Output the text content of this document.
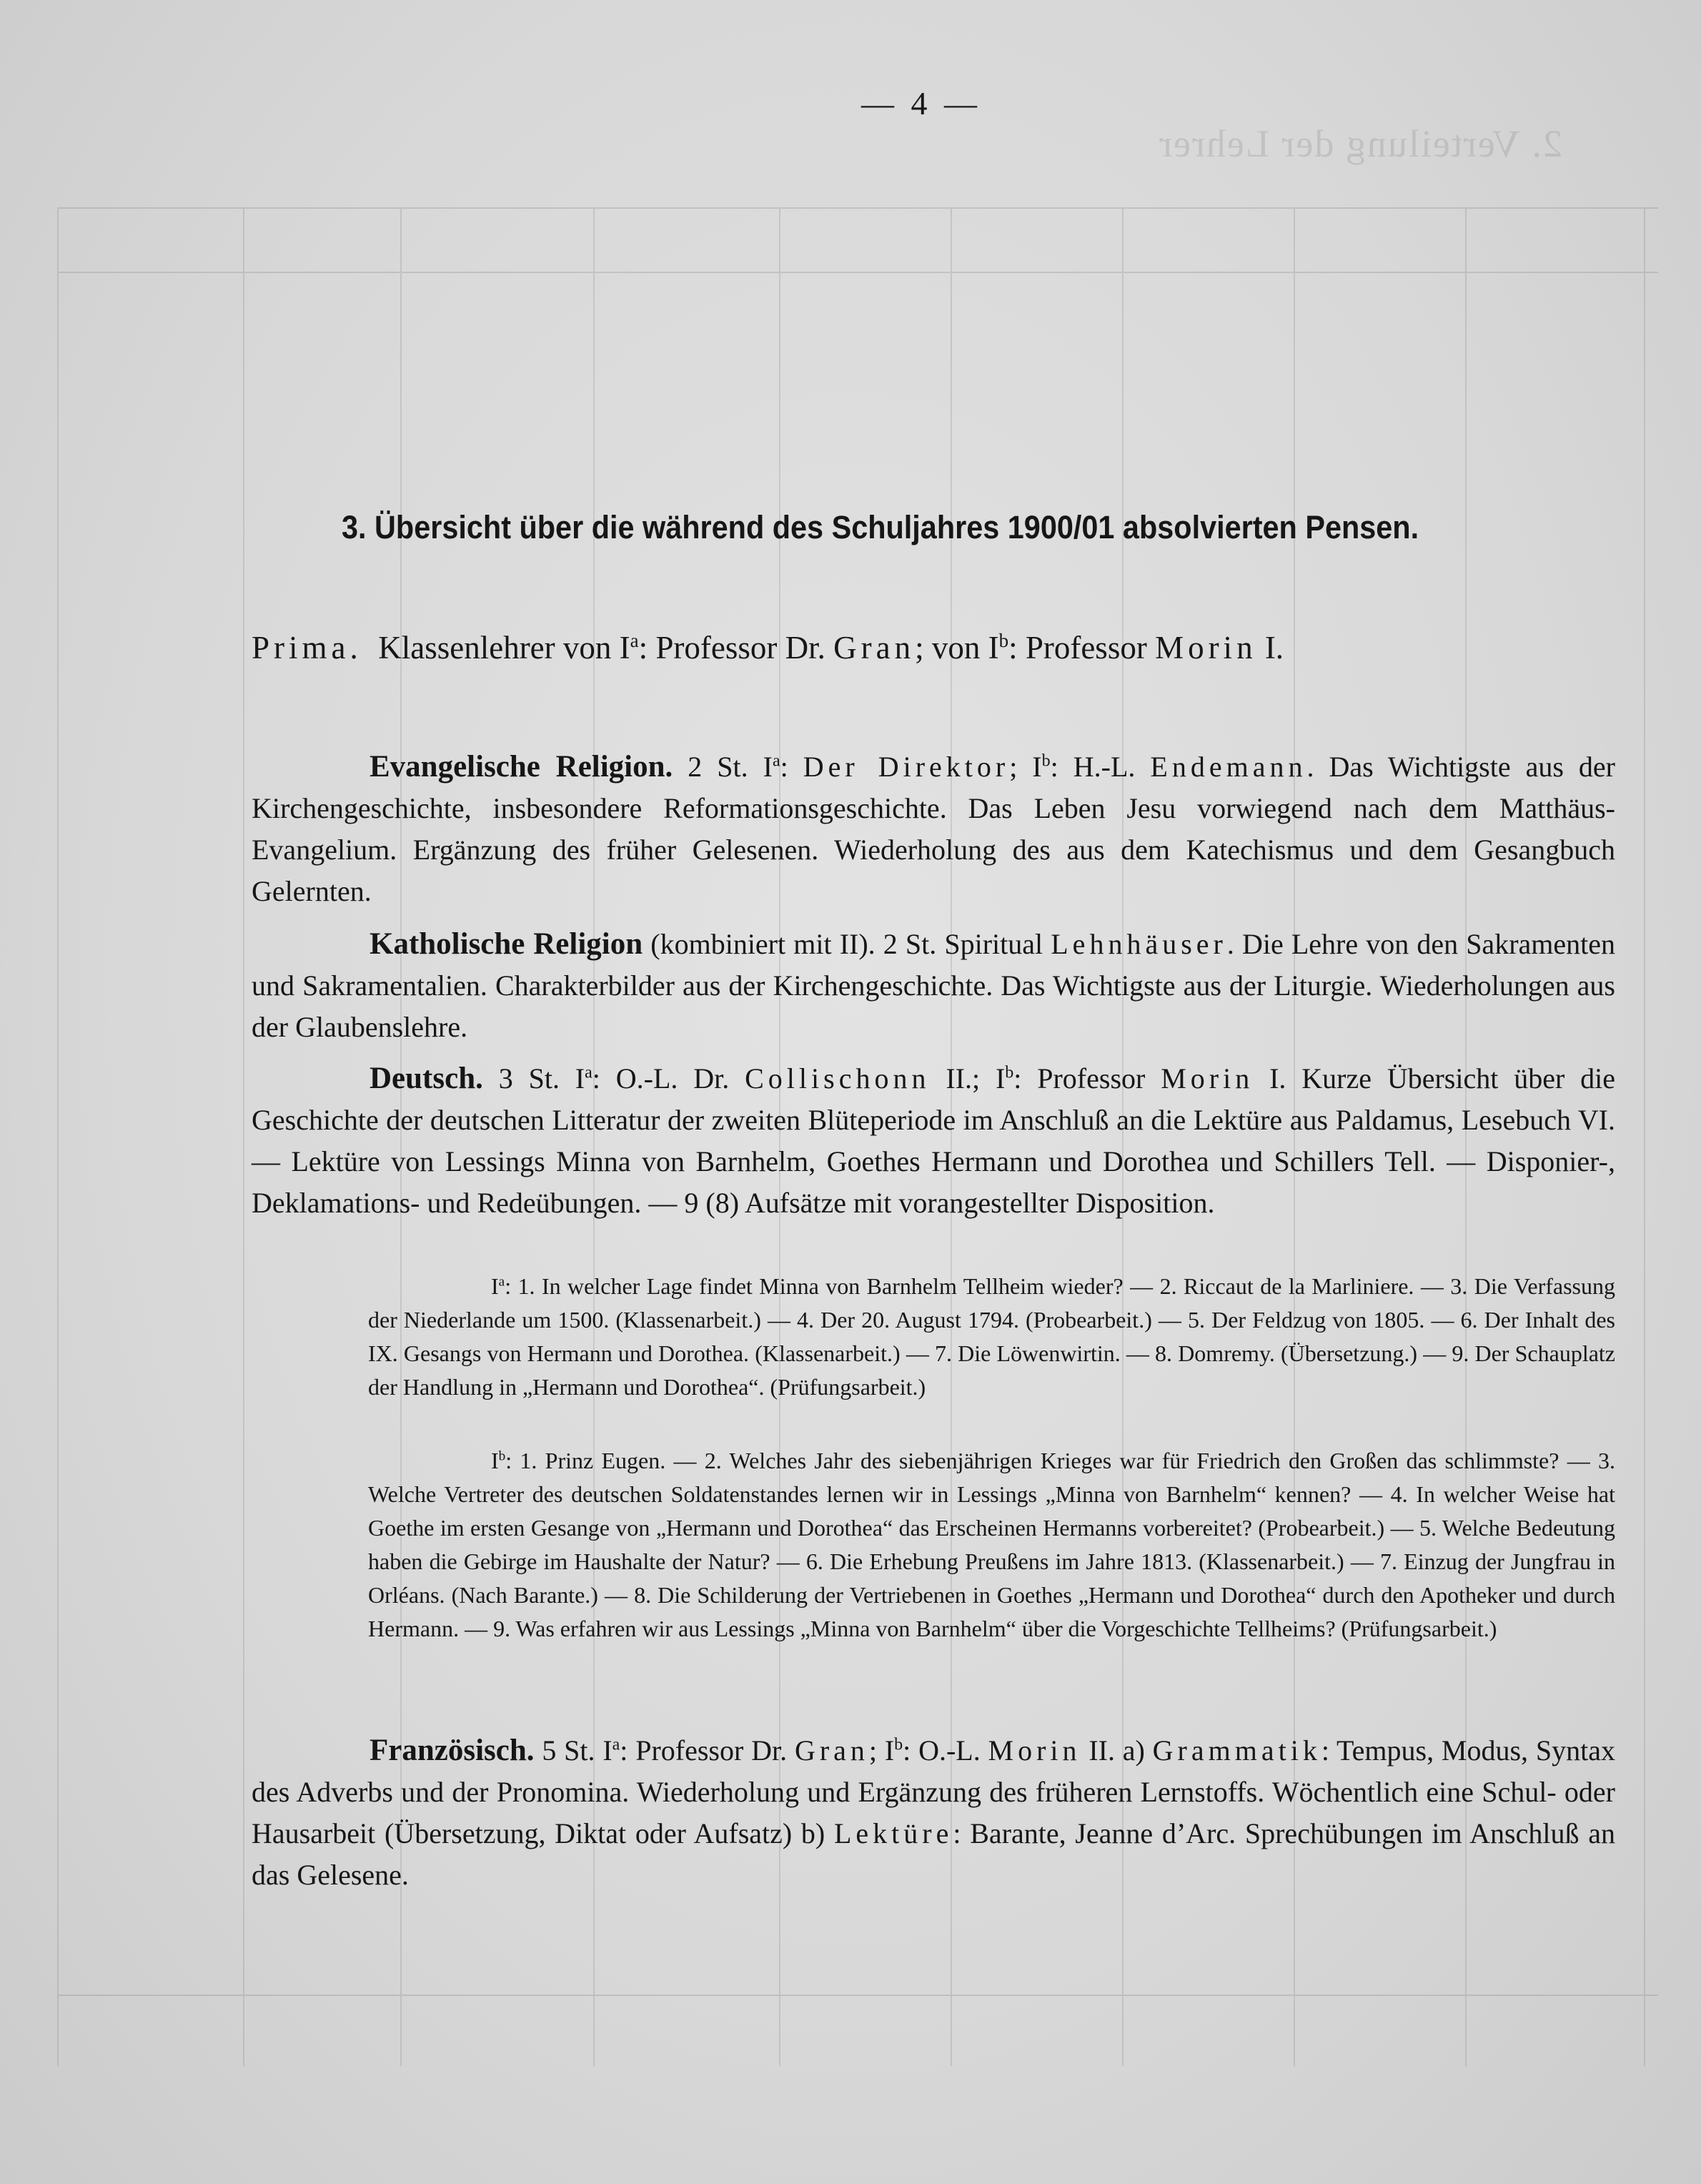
2. Verteilung der Lehrer
— 4 —
3. Übersicht über die während des Schuljahres 1900/01 absolvierten Pensen.
Prima. Klassenlehrer von $I^a$: Professor Dr. Gran; von $I^b$: Professor Morin I.

Evangelische Religion. 2 St. $I^a$: Der Direktor; $I^b$: H.-L. Endemann. Das Wichtigste aus der Kirchengeschichte, insbesondere Reformationsgeschichte. Das Leben Jesu vorwiegend nach dem Matthäus-Evangelium. Ergänzung des früher Gelesenen. Wiederholung des aus dem Katechismus und dem Gesangbuch Gelernten.

Katholische Religion (kombiniert mit II). 2 St. Spiritual Lehnhäuser. Die Lehre von den Sakramenten und Sakramentalien. Charakterbilder aus der Kirchengeschichte. Das Wichtigste aus der Liturgie. Wiederholungen aus der Glaubenslehre.

Deutsch. 3 St. $I^a$: O.-L. Dr. Collischonn II.; $I^b$: Professor Morin I. Kurze Übersicht über die Geschichte der deutschen Litteratur der zweiten Blüteperiode im Anschluß an die Lektüre aus Paldamus, Lesebuch VI. — Lektüre von Lessings Minna von Barnhelm, Goethes Hermann und Dorothea und Schillers Tell. — Disponier-, Deklamations- und Redeübungen. — 9 (8) Aufsätze mit vorangestellter Disposition.

$I^a$: 1. In welcher Lage findet Minna von Barnhelm Tellheim wieder? — 2. Riccaut de la Marliniere. — 3. Die Verfassung der Niederlande um 1500. (Klassenarbeit.) — 4. Der 20. August 1794. (Probearbeit.) — 5. Der Feldzug von 1805. — 6. Der Inhalt des IX. Gesangs von Hermann und Dorothea. (Klassenarbeit.) — 7. Die Löwenwirtin. — 8. Domremy. (Übersetzung.) — 9. Der Schauplatz der Handlung in „Hermann und Dorothea“. (Prüfungsarbeit.)

$I^b$: 1. Prinz Eugen. — 2. Welches Jahr des siebenjährigen Krieges war für Friedrich den Großen das schlimmste? — 3. Welche Vertreter des deutschen Soldatenstandes lernen wir in Lessings „Minna von Barnhelm“ kennen? — 4. In welcher Weise hat Goethe im ersten Gesange von „Hermann und Dorothea“ das Erscheinen Hermanns vorbereitet? (Probearbeit.) — 5. Welche Bedeutung haben die Gebirge im Haushalte der Natur? — 6. Die Erhebung Preußens im Jahre 1813. (Klassenarbeit.) — 7. Einzug der Jungfrau in Orléans. (Nach Barante.) — 8. Die Schilderung der Vertriebenen in Goethes „Hermann und Dorothea“ durch den Apotheker und durch Hermann. — 9. Was erfahren wir aus Lessings „Minna von Barnhelm“ über die Vorgeschichte Tellheims? (Prüfungsarbeit.)

Französisch. 5 St. $I^a$: Professor Dr. Gran; $I^b$: O.-L. Morin II. a) Grammatik: Tempus, Modus, Syntax des Adverbs und der Pronomina. Wiederholung und Ergänzung des früheren Lernstoffs. Wöchentlich eine Schul- oder Hausarbeit (Übersetzung, Diktat oder Aufsatz) b) Lektüre: Barante, Jeanne d’Arc. Sprechübungen im Anschluß an das Gelesene.
